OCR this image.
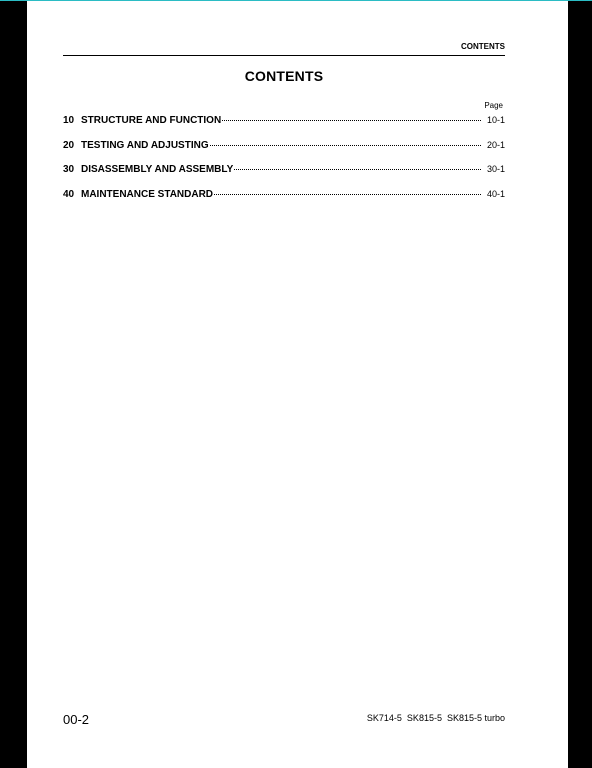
CONTENTS
CONTENTS
Page
10 STRUCTURE AND FUNCTION	10-1
20 TESTING AND ADJUSTING	20-1
30 DISASSEMBLY AND ASSEMBLY	30-1
40 MAINTENANCE STANDARD	40-1
00-2	SK714-5  SK815-5  SK815-5 turbo
